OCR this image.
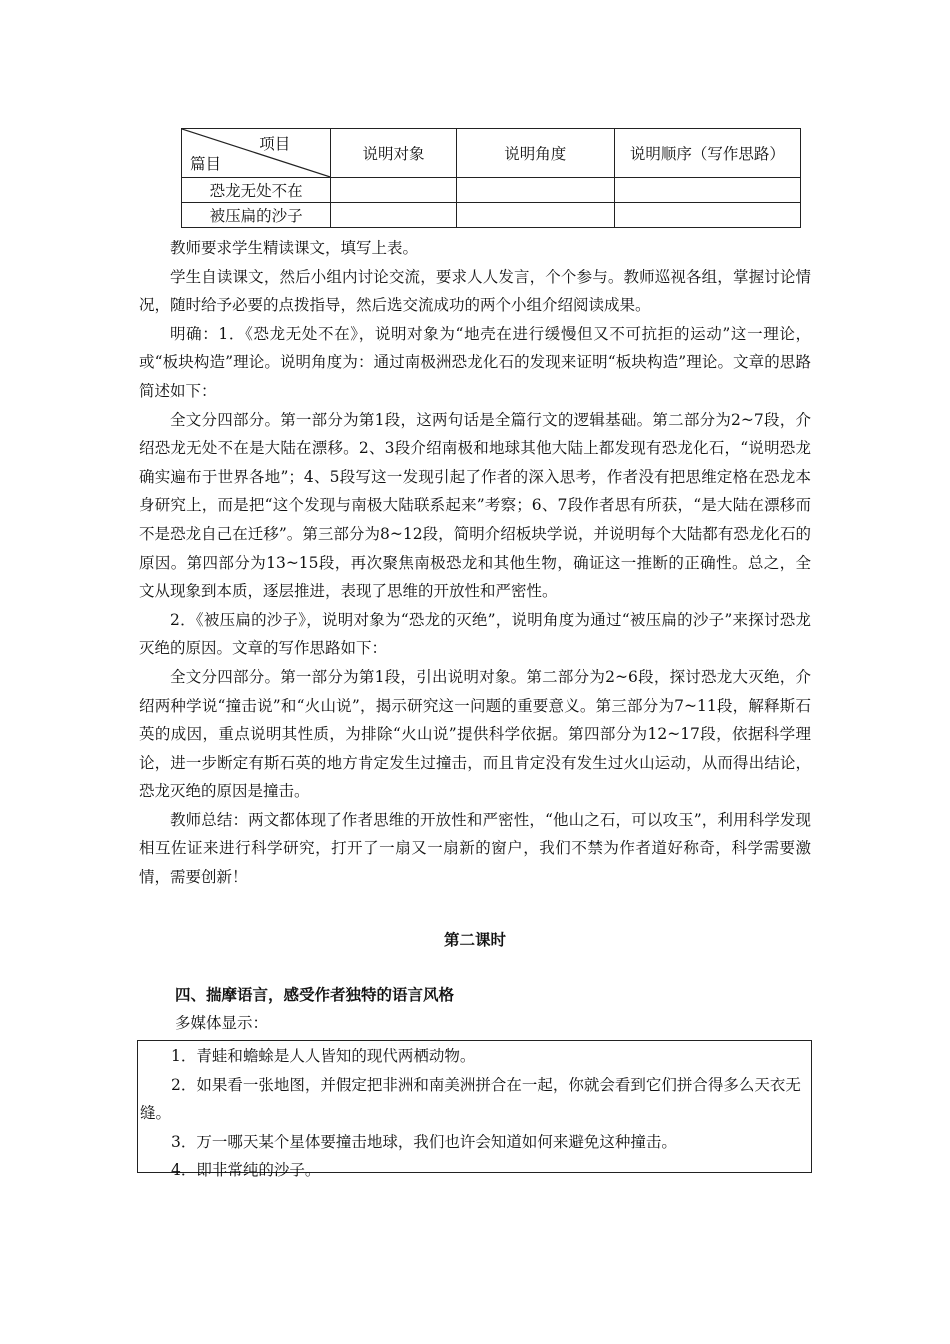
项目
篇目	说明对象	说明角度	说明顺序（写作思路）
恐龙无处不在			
被压扁的沙子			

教师要求学生精读课文，填写上表。

学生自读课文，然后小组内讨论交流，要求人人发言，个个参与。教师巡视各组，掌握讨论情况，随时给予必要的点拨指导，然后选交流成功的两个小组介绍阅读成果。

明确：1．《恐龙无处不在》，说明对象为“地壳在进行缓慢但又不可抗拒的运动”这一理论，或“板块构造”理论。说明角度为：通过南极洲恐龙化石的发现来证明“板块构造”理论。文章的思路简述如下：

全文分四部分。第一部分为第1段，这两句话是全篇行文的逻辑基础。第二部分为2~7段，介绍恐龙无处不在是大陆在漂移。2、3段介绍南极和地球其他大陆上都发现有恐龙化石，“说明恐龙确实遍布于世界各地”；4、5段写这一发现引起了作者的深入思考，作者没有把思维定格在恐龙本身研究上，而是把“这个发现与南极大陆联系起来”考察；6、7段作者思有所获，“是大陆在漂移而不是恐龙自己在迁移”。第三部分为8~12段，简明介绍板块学说，并说明每个大陆都有恐龙化石的原因。第四部分为13~15段，再次聚焦南极恐龙和其他生物，确证这一推断的正确性。总之，全文从现象到本质，逐层推进，表现了思维的开放性和严密性。

2．《被压扁的沙子》，说明对象为“恐龙的灭绝”，说明角度为通过“被压扁的沙子”来探讨恐龙灭绝的原因。文章的写作思路如下：

全文分四部分。第一部分为第1段，引出说明对象。第二部分为2~6段，探讨恐龙大灭绝，介绍两种学说“撞击说”和“火山说”，揭示研究这一问题的重要意义。第三部分为7~11段，解释斯石英的成因，重点说明其性质，为排除“火山说”提供科学依据。第四部分为12~17段，依据科学理论，进一步断定有斯石英的地方肯定发生过撞击，而且肯定没有发生过火山运动，从而得出结论，恐龙灭绝的原因是撞击。

教师总结：两文都体现了作者思维的开放性和严密性，“他山之石，可以攻玉”，利用科学发现相互佐证来进行科学研究，打开了一扇又一扇新的窗户，我们不禁为作者道好称奇，科学需要激情，需要创新！

第二课时
四、揣摩语言，感受作者独特的语言风格
多媒体显示：

1．青蛙和蟾蜍是人人皆知的现代两栖动物。

2．如果看一张地图，并假定把非洲和南美洲拼合在一起，你就会看到它们拼合得多么天衣无缝。

3．万一哪天某个星体要撞击地球，我们也许会知道如何来避免这种撞击。

4．即非常纯的沙子。
